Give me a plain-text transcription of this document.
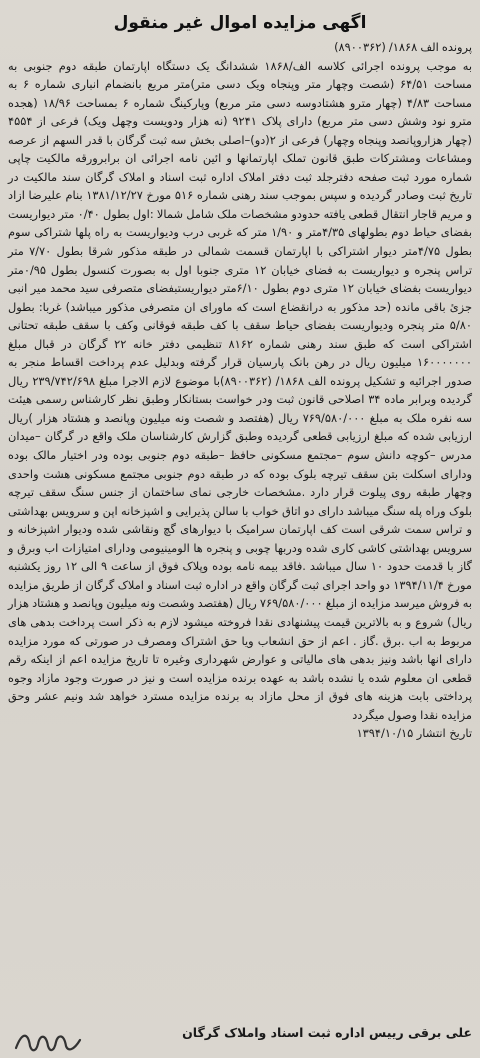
اگهی مزایده اموال غیر منقول

پرونده الف ۱۸۶۸/ (۸۹۰۰۳۶۲)

به موجب پرونده اجرائی کلاسه الف/۱۸۶۸ ششدانگ یک دستگاه اپارتمان طبقه دوم جنوبی به مساحت ۶۴/۵۱ (شصت وچهار متر وپنجاه ویک دسی متر)متر مربع بانضمام انباری شماره ۶ به مساحت ۴/۸۳ (چهار مترو هشتادوسه دسی متر مربع) وپارکینگ شماره ۶ بمساحت ۱۸/۹۶ (هجده مترو نود وشش دسی متر مربع) دارای پلاک ۹۲۴۱ (نه هزار ودویست وچهل ویک) فرعی از ۴۵۵۴ (چهار هزاروپانصد وپنجاه وچهار) فرعی از ۲(دو)–اصلی بخش سه ثبت گرگان با قدر السهم از عرصه ومشاعات ومشترکات طبق قانون تملک اپارتمانها و ائین نامه اجرائی ان برابرورقه مالکیت چاپی شماره مورد ثبت صفحه دفترجلد ثبت دفتر املاک اداره ثبت اسناد و املاک گرگان سند مالکیت در تاریخ ثبت وصادر گردیده و سپس بموجب سند رهنی شماره ۵۱۶ مورخ ۱۳۸۱/۱۲/۲۷ بنام علیرضا ازاد و مریم قاجار انتقال قطعی یافته حدودو مشخصات ملک شامل شمالا :اول بطول ۰/۴۰ متر دیواریست بفضای حیاط دوم بطولهای ۴/۳۵متر و ۱/۹۰ متر که غربی درب ودیواریست به راه پلها شتراکی سوم بطول ۴/۷۵متر دیوار اشتراکی با اپارتمان قسمت شمالی در طبقه مذکور شرقا بطول ۷/۷۰ متر تراس پنجره و دیواریست به فضای خیابان ۱۲ متری جنوبا اول به بصورت کنسول بطول ۰/۹۵متر دیواریست بفضای خیابان ۱۲ متری دوم بطول ۶/۱۰متر دیواریستبفضای متصرفی سید محمد میر انبی جزئ باقی مانده (حد مذکور به درانقضاع است که ماورای ان متصرفی مذکور میباشد) غربا: بطول ۵/۸۰ متر پنجره ودیواریست بفضای حیاط سقف با کف طبقه فوقانی وکف با سقف طبقه تحتانی اشتراکی است که طبق سند رهنی شماره ۸۱۶۲ تنظیمی دفتر خانه ۲۲ گرگان در قبال مبلغ ۱۶۰۰۰۰۰۰۰ میلیون ریال در رهن بانک پارسیان قرار گرفته وبدلیل عدم پرداخت اقساط منجر به صدور اجرائیه و تشکیل پرونده الف ۱۸۶۸/ (۸۹۰۰۳۶۲)با موضوع لازم الاجرا مبلغ ۲۳۹/۷۴۲/۶۹۸ ریال گردیده وبرابر ماده ۳۴ اصلاحی قانون ثبت ودر خواست بستانکار وطبق نظر کارشناس رسمی هیئت سه نفره ملک به مبلغ ۷۶۹/۵۸۰/۰۰۰ ریال (هفتصد و شصت ونه میلیون وپانصد و هشتاد هزار )ریال ارزیابی شده که مبلغ ارزیابی قطعی گردیده وطبق گزارش کارشناسان ملک واقع در گرگان –میدان مدرس –کوچه دانش سوم –مجتمع مسکونی حافظ –طبقه دوم جنوبی بوده ودر اختیار مالک بوده ودارای اسکلت بتن سقف تیرچه بلوک بوده که در طبقه دوم جنوبی مجتمع مسکونی هشت واحدی وچهار طبقه روی پیلوت قرار دارد .مشخصات خارجی نمای ساختمان از جنس سنگ سقف تیرچه بلوک وراه پله سنگ میباشد دارای دو اتاق خواب با سالن پذیرایی و اشپزخانه اپن و سرویس بهداشتی و تراس سمت شرقی است کف اپارتمان سرامیک با دیوارهای گچ ونقاشی شده ودیوار اشپزخانه و سرویس بهداشتی کاشی کاری شده ودربها چوبی و پنجره ها الومینیومی ودارای امتیازات اب وبرق و گاز با قدمت حدود ۱۰ سال میباشد .فاقد بیمه نامه بوده وپلاک فوق از ساعت ۹ الی ۱۲ روز یکشنبه مورخ ۱۳۹۴/۱۱/۴ دو واحد اجرای ثبت گرگان واقع در اداره ثبت اسناد و املاک گرگان از طریق مزایده به فروش میرسد مزایده از مبلغ ۷۶۹/۵۸۰/۰۰۰ ریال (هفتصد وشصت ونه میلیون وپانصد و هشتاد هزار ریال) شروع و به بالاترین قیمت پیشنهادی نقدا فروخته میشود لازم به ذکر است پرداخت بدهی های مربوط به اب .برق .گاز . اعم از حق انشعاب ویا حق اشتراک ومصرف در صورتی که مورد مزایده دارای انها باشد ونیز بدهی های مالیاتی و عوارض شهرداری وغیره تا تاریخ مزایده اعم از اینکه رقم قطعی ان معلوم شده یا نشده باشد به عهده برنده مزایده است و نیز در صورت وجود مازاد وجوه پرداختی بابت هزینه های فوق از محل مازاد به برنده مزایده مسترد خواهد شد ونیم عشر وحق مزایده نقدا وصول میگردد

تاریخ انتشار ۱۳۹۴/۱۰/۱۵
علی برقی رییس اداره ثبت اسناد واملاک گرگان
